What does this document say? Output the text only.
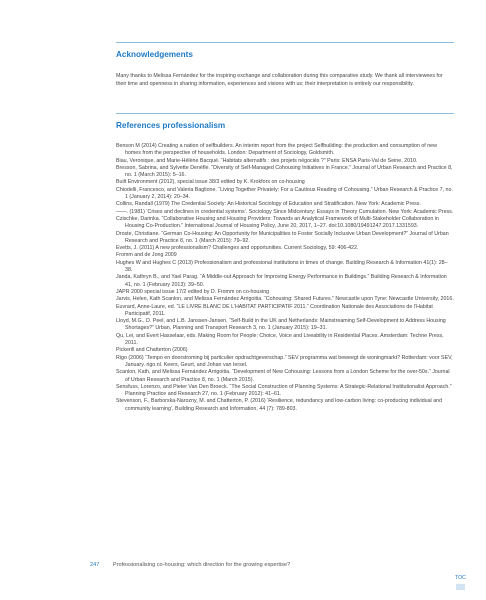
Acknowledgements
Many thanks to Melissa Fernández for the inspiring exchange and collaboration during this comparative study. We thank all interviewees for their time and openness in sharing information, experiences and visions with us; their interpretation is entirely our responsibility.
References professionalism

Benson M (2014) Creating a nation of selfbuilders. An interim report from the project Selfbuilding: the production and consumption of new homes from the perspective of households. London: Department of Sociology, Goldsmith.

Biau, Veronique, and Marie-Hélène Bacqué. “Habitats alternatifs : des projets négociés ?” Paris: ENSA Paris-Val de Seine, 2010.

Bresson, Sabrina, and Sylvette Denèfle. “Diversity of Self-Managed Cohousing Initiatives in France.” Journal of Urban Research and Practice 8, no. 1 (March 2015): 5–16.

Built Environment (2012), special issue 38/3 edited by K. Krokfors on co-housing

Chiodelli, Francesco, and Valeria Baglione. “Living Together Privately: For a Cautious Reading of Cohousing.” Urban Research & Practice 7, no. 1 (January 2, 2014): 20–34.

Collins, Randall (1979) The Credential Society: An Historical Sociology of Education and Stratification. New York: Academic Press.

——. (1981) ‘Crises and declines in credential systems’. Sociology Since Midcentury: Essays in Theory Cumulation. New York: Academic Press.

Czischke, Darinka. “Collaborative Housing and Housing Providers: Towards an Analytical Framework of Multi-Stakeholder Collaboration in Housing Co-Production.” International Journal of Housing Policy, June 20, 2017, 1–27. doi:10.1080/19491247.2017.1331593.

Droste, Christiane. “German Co-Housing: An Opportunity for Municipalities to Foster Socially Inclusive Urban Development?” Journal of Urban Research and Practice 8, no. 1 (March 2015): 79–92.

Evetts, J. (2011) A new professionalism? Challenges and opportunities. Current Sociology, 59: 406-422.

Fromm and de Jong 2009

Hughes W and Hughes C (2013) Professionalism and professional institutions in times of change. Building Research & Information 41(1): 28–38.

Janda, Kathryn B., and Yael Parag. “A Middle-out Approach for Improving Energy Performance in Buildings.” Building Research & Information 41, no. 1 (February 2013): 39–50.

JAPR 2000 special issue 17/2 edited by D. Fromm on co-housing

Jarvis, Helen, Kath Scanlon, and Melissa Fernández Arrigoitia. “Cohousing: Shared Futures.” Newcastle upon Tyne: Newcastle University, 2016.

Euvrard, Anne-Laure, ed. “LE LIVRE BLANC DE L’HABITAT PARTICIPATIF 2011.” Coordination Nationale des Associations de l’Habitat Participatif, 2011.

Lloyd, M.G., D. Peel, and L.B. Janssen-Jansen. “Self-Build in the UK and Netherlands: Mainstreaming Self-Development to Address Housing Shortages?” Urban, Planning and Transport Research 3, no. 1 (January 2015): 19–31.

Qu, Lei, and Evert Hasselaar, eds. Making Room for People: Choice, Voice and Liveability in Residential Places. Amsterdam: Techne Press, 2011.

Pickerill and Chatterton (2006)

Rigo (2006) “Tempo en doorstroming bij particulier opdrachtgeverschap.” SEV programma wat beweegt de woningmarkt? Rotterdam: voor SEV, January. rigo.nl. Keers, Geurt, and Johan van Iersel.

Scanlon, Kath, and Melissa Fernández Arrigoitia. “Development of New Cohousing: Lessons from a London Scheme for the over-50s.” Journal of Urban Research and Practice 8, no. 1 (March 2015).

Sensfuss, Lorenzo, and Pieter Van Den Broeck. “The Social Construction of Planning Systems: A Strategic-Relational Institutionalist Approach.” Planning Practice and Research 27, no. 1 (February 2012): 41–61.

Stevenson, F., Barborska-Narozny, M. and Chatterton, P. (2016) ‘Resilience, redundancy and low-carbon living: co-producing individual and community learning’, Building Research and Information, 44 (7): 789-803.

247 Professionalising co-housing: which direction for the growing expertise?
TOC
